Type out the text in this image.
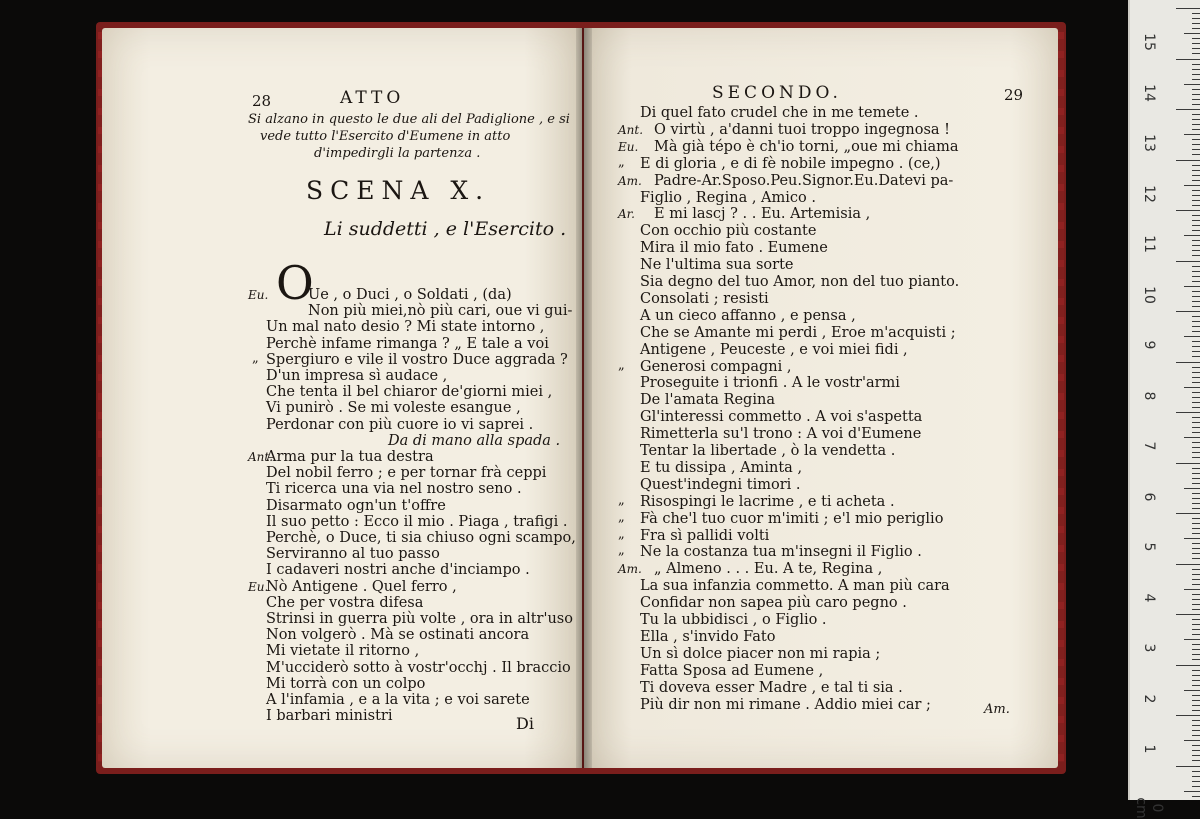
15
14
13
12
11
10
9
8
7
6
5
4
3
2
1
0 cm
28	ATTO
Si alzano in questo le due ali del Padiglione , e si
vede tutto l'Esercito d'Eumene in atto
d'impedirgli la partenza .
SCENA X.
Li suddetti , e l'Esercito .
O
Eu.	Ue , o Duci , o Soldati , (da)
Non più miei,nò più cari, oue vi gui-
Un mal nato desio ? Mi state intorno ,
Perchè infame rimanga ? „ E tale a voi
„ Spergiuro e vile il vostro Duce aggrada ?
D'un impresa sì audace ,
Che tenta il bel chiaror de'giorni miei ,
Vi punirò . Se mi voleste esangue ,
Perdonar con più cuore io vi saprei .
Da di mano alla spada .
Ant.
Arma pur la tua destra
Del nobil ferro ; e per tornar frà ceppi
Ti ricerca una via nel nostro seno .
Disarmato ogn'un t'offre
Il suo petto : Ecco il mio . Piaga , trafigi .
Perchè, o Duce, ti sia chiuso ogni scampo,
Serviranno al tuo passo
I cadaveri nostri anche d'inciampo .
Eu.
Nò Antigene . Quel ferro ,
Che per vostra difesa
Strinsi in guerra più volte , ora in altr'uso
Non volgerò . Mà se ostinati ancora
Mi vietate il ritorno ,
M'ucciderò sotto à vostr'occhj . Il braccio
Mi torrà con un colpo
A l'infamia , e a la vita ; e voi sarete
I barbari ministri	Di
SECONDO.	29
Di quel fato crudel che in me temete .
Ant. O virtù , a'danni tuoi troppo ingegnosa !
Eu. Mà già tépo è ch'io torni, „oue mi chiama
„ E di gloria , e di fè nobile impegno . (ce,)
Am. Padre-Ar.Sposo.Peu.Signor.Eu.Datevi pa-
Figlio , Regina , Amico .
Ar. E mi lascj ? . . Eu. Artemisia ,
Con occhio più costante
Mira il mio fato . Eumene
Ne l'ultima sua sorte
Sia degno del tuo Amor, non del tuo pianto.
Consolati ; resisti
A un cieco affanno , e pensa ,
Che se Amante mi perdi , Eroe m'acquisti ;
Antigene , Peuceste , e voi miei fidi ,
„ Generosi compagni ,
Proseguite i trionfi . A le vostr'armi
De l'amata Regina
Gl'interessi commetto . A voi s'aspetta
Rimetterla su'l trono : A voi d'Eumene
Tentar la libertade , ò la vendetta .
E tu dissipa , Aminta ,
Quest'indegni timori .
„ Risospingi le lacrime , e ti acheta .
„ Fà che'l tuo cuor m'imiti ; e'l mio periglio
„ Fra sì pallidi volti
„ Ne la costanza tua m'insegni il Figlio .
Am. „ Almeno . . . Eu. A te, Regina ,
La sua infanzia commetto. A man più cara
Confidar non sapea più caro pegno .
Tu la ubbidisci , o Figlio .
Ella , s'invido Fato
Un sì dolce piacer non mi rapia ;
Fatta Sposa ad Eumene ,
Ti doveva esser Madre , e tal ti sia .
Più dir non mi rimane . Addio miei car ;	Am.
